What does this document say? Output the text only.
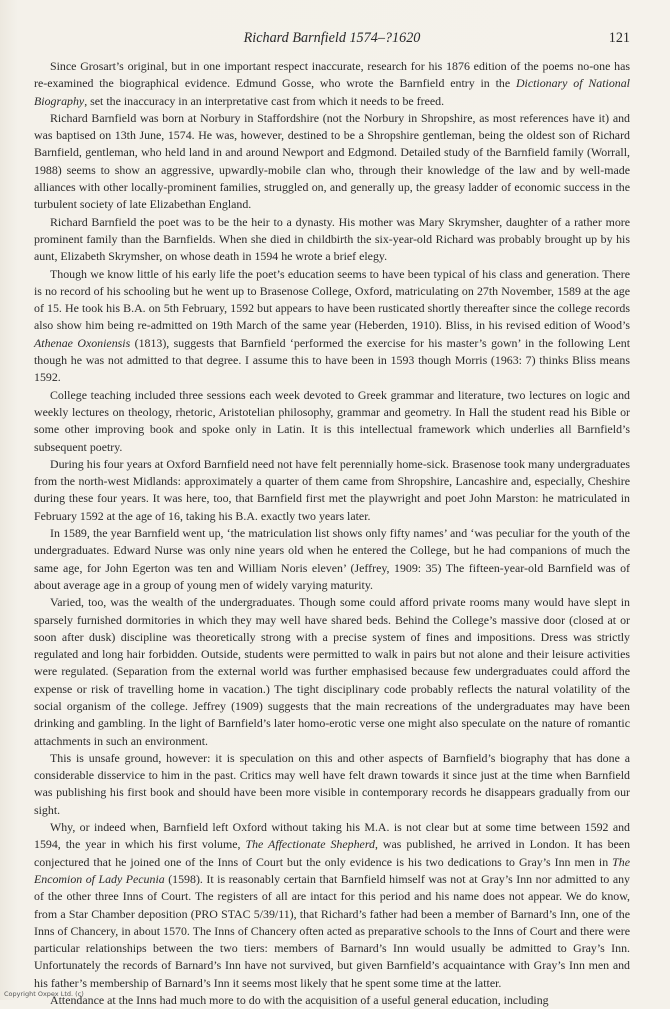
Richard Barnfield 1574–?1620	121

Since Grosart’s original, but in one important respect inaccurate, research for his 1876 edition of the poems no-one has re-examined the biographical evidence. Edmund Gosse, who wrote the Barnfield entry in the Dictionary of National Biography, set the inaccuracy in an interpretative cast from which it needs to be freed.

Richard Barnfield was born at Norbury in Staffordshire (not the Norbury in Shropshire, as most references have it) and was baptised on 13th June, 1574. He was, however, destined to be a Shropshire gentleman, being the oldest son of Richard Barnfield, gentleman, who held land in and around Newport and Edgmond. Detailed study of the Barnfield family (Worrall, 1988) seems to show an aggressive, upwardly-mobile clan who, through their knowledge of the law and by well-made alliances with other locally-prominent families, struggled on, and generally up, the greasy ladder of economic success in the turbulent society of late Elizabethan England.

Richard Barnfield the poet was to be the heir to a dynasty. His mother was Mary Skrymsher, daughter of a rather more prominent family than the Barnfields. When she died in childbirth the six-year-old Richard was probably brought up by his aunt, Elizabeth Skrymsher, on whose death in 1594 he wrote a brief elegy.

Though we know little of his early life the poet’s education seems to have been typical of his class and generation. There is no record of his schooling but he went up to Brasenose College, Oxford, matriculating on 27th November, 1589 at the age of 15. He took his B.A. on 5th February, 1592 but appears to have been rusticated shortly thereafter since the college records also show him being re-admitted on 19th March of the same year (Heberden, 1910). Bliss, in his revised edition of Wood’s Athenae Oxoniensis (1813), suggests that Barnfield ‘performed the exercise for his master’s gown’ in the following Lent though he was not admitted to that degree. I assume this to have been in 1593 though Morris (1963: 7) thinks Bliss means 1592.

College teaching included three sessions each week devoted to Greek grammar and literature, two lectures on logic and weekly lectures on theology, rhetoric, Aristotelian philosophy, grammar and geometry. In Hall the student read his Bible or some other improving book and spoke only in Latin. It is this intellectual framework which underlies all Barnfield’s subsequent poetry.

During his four years at Oxford Barnfield need not have felt perennially home-sick. Brasenose took many undergraduates from the north-west Midlands: approximately a quarter of them came from Shropshire, Lancashire and, especially, Cheshire during these four years. It was here, too, that Barnfield first met the playwright and poet John Marston: he matriculated in February 1592 at the age of 16, taking his B.A. exactly two years later.

In 1589, the year Barnfield went up, ‘the matriculation list shows only fifty names’ and ‘was peculiar for the youth of the undergraduates. Edward Nurse was only nine years old when he entered the College, but he had companions of much the same age, for John Egerton was ten and William Noris eleven’ (Jeffrey, 1909: 35) The fifteen-year-old Barnfield was of about average age in a group of young men of widely varying maturity.

Varied, too, was the wealth of the undergraduates. Though some could afford private rooms many would have slept in sparsely furnished dormitories in which they may well have shared beds. Behind the College’s massive door (closed at or soon after dusk) discipline was theoretically strong with a precise system of fines and impositions. Dress was strictly regulated and long hair forbidden. Outside, students were permitted to walk in pairs but not alone and their leisure activities were regulated. (Separation from the external world was further emphasised because few undergraduates could afford the expense or risk of travelling home in vacation.) The tight disciplinary code probably reflects the natural volatility of the social organism of the college. Jeffrey (1909) suggests that the main recreations of the undergraduates may have been drinking and gambling. In the light of Barnfield’s later homo-erotic verse one might also speculate on the nature of romantic attachments in such an environment.

This is unsafe ground, however: it is speculation on this and other aspects of Barnfield’s biography that has done a considerable disservice to him in the past. Critics may well have felt drawn towards it since just at the time when Barnfield was publishing his first book and should have been more visible in contemporary records he disappears gradually from our sight.

Why, or indeed when, Barnfield left Oxford without taking his M.A. is not clear but at some time between 1592 and 1594, the year in which his first volume, The Affectionate Shepherd, was published, he arrived in London. It has been conjectured that he joined one of the Inns of Court but the only evidence is his two dedications to Gray’s Inn men in The Encomion of Lady Pecunia (1598). It is reasonably certain that Barnfield himself was not at Gray’s Inn nor admitted to any of the other three Inns of Court. The registers of all are intact for this period and his name does not appear. We do know, from a Star Chamber deposition (PRO STAC 5/39/11), that Richard’s father had been a member of Barnard’s Inn, one of the Inns of Chancery, in about 1570. The Inns of Chancery often acted as preparative schools to the Inns of Court and there were particular relationships between the two tiers: members of Barnard’s Inn would usually be admitted to Gray’s Inn. Unfortunately the records of Barnard’s Inn have not survived, but given Barnfield’s acquaintance with Gray’s Inn men and his father’s membership of Barnard’s Inn it seems most likely that he spent some time at the latter.

Attendance at the Inns had much more to do with the acquisition of a useful general education, including

Copyright Oxpex Ltd. (c)
